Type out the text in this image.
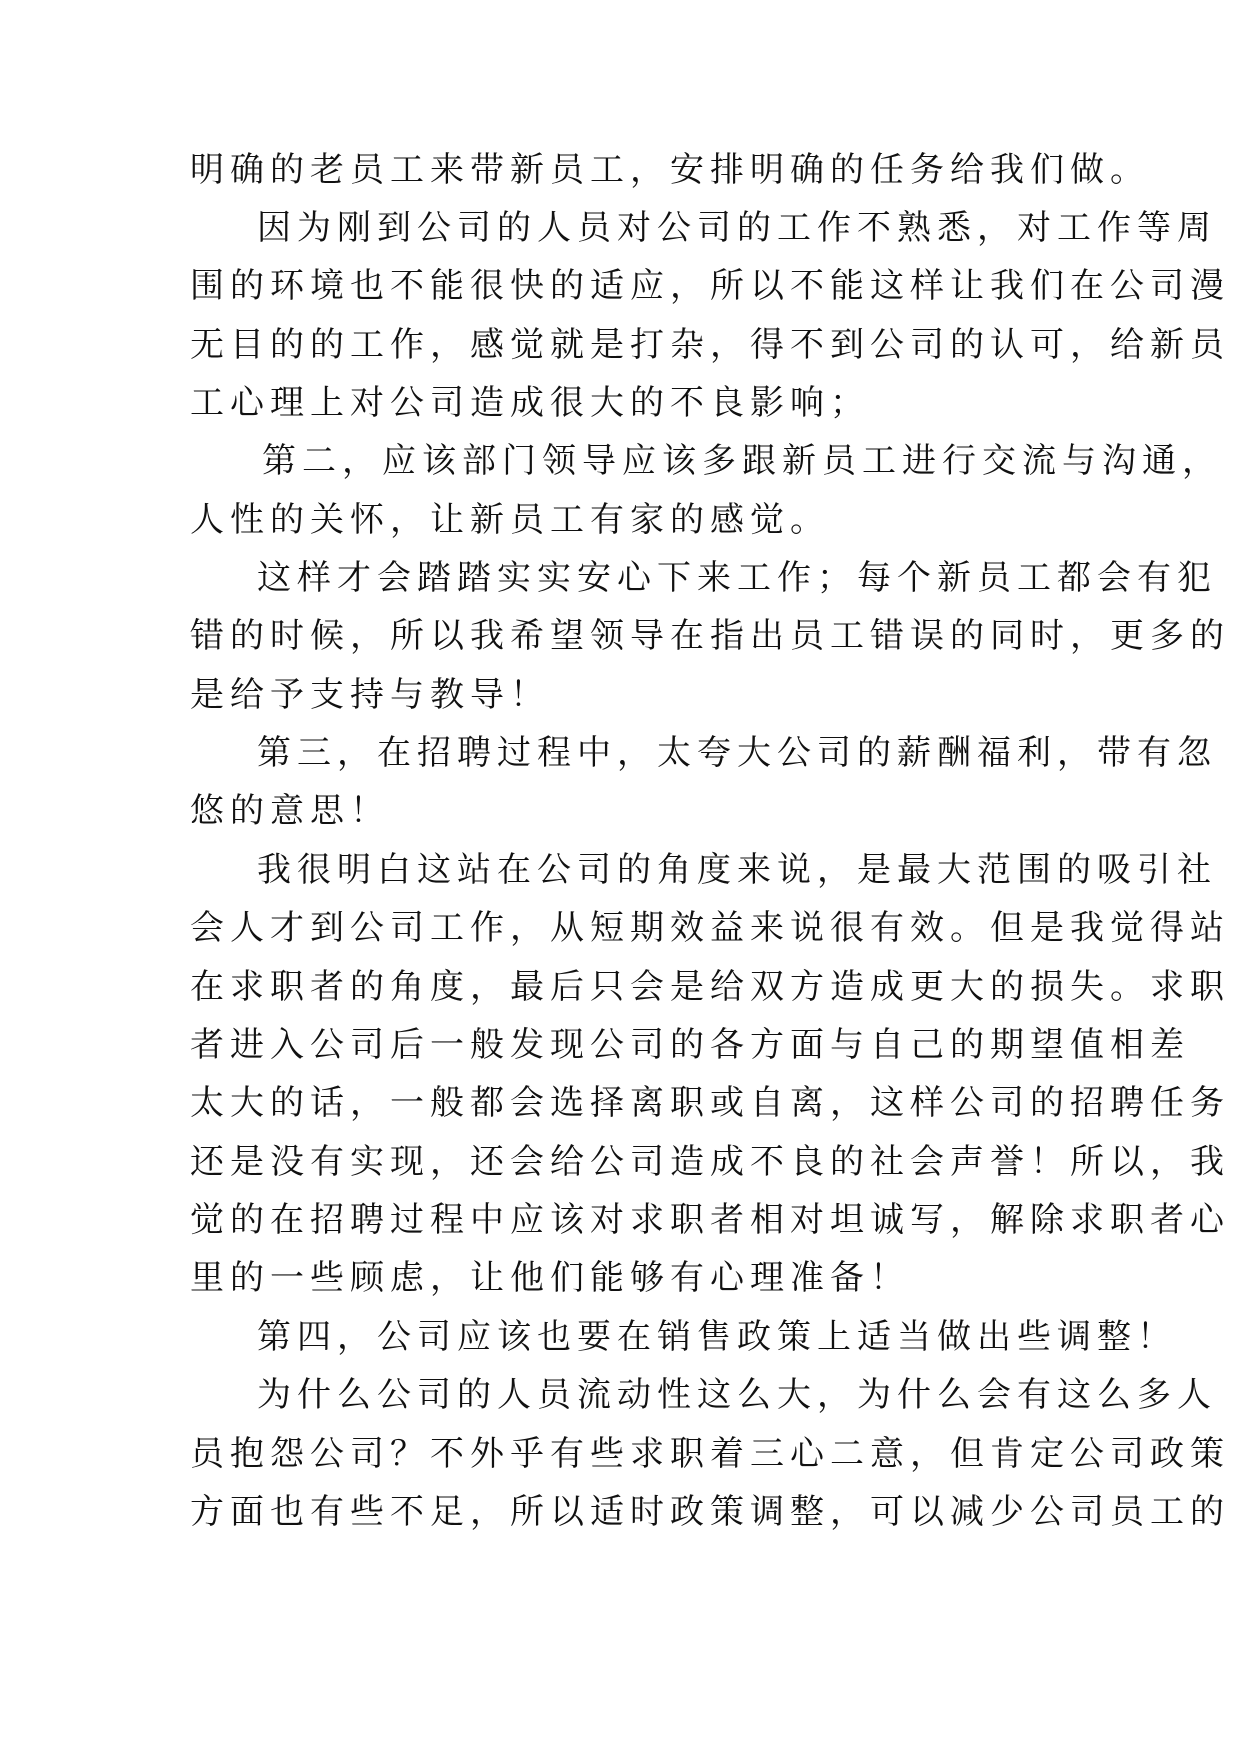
明确的老员工来带新员工，安排明确的任务给我们做。
因为刚到公司的人员对公司的工作不熟悉，对工作等周
围的环境也不能很快的适应，所以不能这样让我们在公司漫
无目的的工作，感觉就是打杂，得不到公司的认可，给新员
工心理上对公司造成很大的不良影响；
第二，应该部门领导应该多跟新员工进行交流与沟通，
人性的关怀，让新员工有家的感觉。
这样才会踏踏实实安心下来工作；每个新员工都会有犯
错的时候，所以我希望领导在指出员工错误的同时，更多的
是给予支持与教导！
第三，在招聘过程中，太夸大公司的薪酬福利，带有忽
悠的意思！
我很明白这站在公司的角度来说，是最大范围的吸引社
会人才到公司工作，从短期效益来说很有效。但是我觉得站
在求职者的角度，最后只会是给双方造成更大的损失。求职
者进入公司后一般发现公司的各方面与自己的期望值相差
太大的话，一般都会选择离职或自离，这样公司的招聘任务
还是没有实现，还会给公司造成不良的社会声誉！所以，我
觉的在招聘过程中应该对求职者相对坦诚写，解除求职者心
里的一些顾虑，让他们能够有心理准备！
第四，公司应该也要在销售政策上适当做出些调整！
为什么公司的人员流动性这么大，为什么会有这么多人
员抱怨公司？不外乎有些求职着三心二意，但肯定公司政策
方面也有些不足，所以适时政策调整，可以减少公司员工的
